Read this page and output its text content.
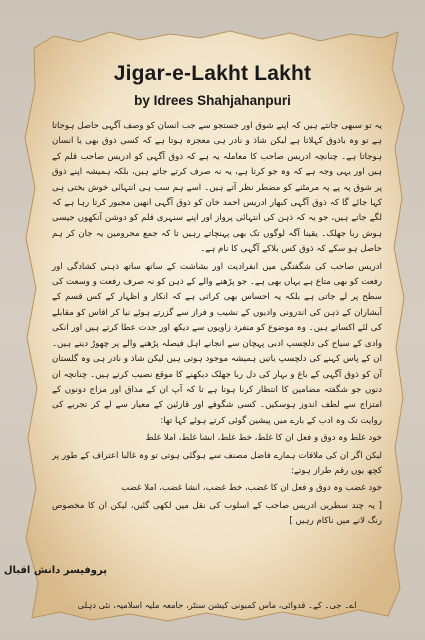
Jigar-e-Lakht Lakht
by Idrees Shahjahanpuri

یہ تو سبھی جانتے ہیں کہ اپنے شوق اور جستجو سے جب انسان کو وصف آگہی حاصل ہوجاتا ہے تو وہ باذوق کہلاتا ہے لیکن شاذ و نادر ہی معجزہ ہوتا ہے کہ کسی ذوق بھی یا انسان ہوجاتا ہے۔ چنانچہ ادریس صاحب کا معاملہ یہ ہے کہ ذوق آگہی کو ادریس صاحب قلم کے ہیں اور یہی وجہ ہے کہ وہ جو کرتا ہے، یہ نہ صرف کرتے جاتے ہیں، بلکہ ہمیشہ اپنے ذوق پر شوق پہ پے پہ مرمٹنے کو مضطر نظر آتے ہیں۔ اسے ہم سب ہی انتہائی خوش بختی ہی کہا جائے گا کہ ذوق آگہی کبھار ادریس احمد خان کو ذوق آگہی انھیں مجبور کرتا رہا ہے کہ لگے جاتے ہیں، جو یہ کہ ذہن کی انتہائی پرواز اور اپنے سنہری قلم کو دوشن آنکھوں جیسی ہوش ربا جھلک۔ یقینا آگہ لوگوں تک بھی پہنچاتے رہیں تا کہ جمع محرومین یہ جان کر ہم حاصل ہو سکے کہ ذوق کس بلاکے آگہی کا نام ہے۔

ادریس صاحب کی شگفتگی میں انفرادیت اور بشاشت کے ساتھ ساتھ ذہنی کشادگی اور رفعت کو بھی متاع ہے یہاں بھی ہے۔ جو پڑھنے والے کے ذہن کو نہ صرف رفعت و وسعت کی سطح پر لے جاتی ہے بلکہ یہ احساس بھی کراتی ہے کہ انکار و اظہار کے کس قسم کے آبشاران کے ذہن کی اندرونی وادیوں کے نشیب و فراز سے گزرتے ہوئے نیا کر افاس کو مقابلے کی لئے اکساتے ہیں۔ وہ موضوع کو منفرد زاویوں سے دیکھ اور جدت عطا کرتے ہیں اور انکی وادی کے سیاح کی دلچسپ ادبی پہچان سے انجانے اہل فیصلہ پڑھنے والے پر چھوڑ دیتے ہیں۔ ان کے پاس کہنے کی دلچسپ باتیں ہمیشہ موجود ہوتی ہیں لیکن شاذ و نادر ہی وہ گلستان آن کو ذوق آگہی کے باغ و بہار کی دل ربا جھلک دیکھنے کا موقع نصیب کرتے ہیں۔ چنانچہ ان دنوں جو شگفتہ مضامین کا انتظار کرنا ہوتا ہے تا کہ آپ ان کے مذاق اور مزاج دونوں کے امتزاج سے لطف اندوز ہوسکیں۔ کسی شگوفے اور قارئین کے معیار سے لے کر تجربے کی روایت تک وہ ادب کے بارے میں پیشین گوئی کرتے ہوئے کہا تھا:

خود غلط وہ دوق و فعل ان کا غلط، خط غلط، انشا غلط، املا غلط

لیکن اگر ان کی ملاقات ہمارے فاضل مصنف سے ہوگئی ہوتی تو وہ غالبا اعتراف کے طور پر کچھ یوں رقم طراز ہوتے:

خود غضب وہ دوق و فعل ان کا غضب، خط غضب، انشا غضب، املا غضب

[ یہ چند سطریں ادریس صاحب کے اسلوب کی نقل میں لکھی گئیں، لیکن ان کا مخصوص رنگ لانے میں ناکام رہیں ]

پروفیسر دانش اقبال
اے۔ جی۔ کے۔ قدوائی، ماس کمیونی کیشن سنٹر، جامعہ ملیہ اسلامیہ، نئی دہلی
